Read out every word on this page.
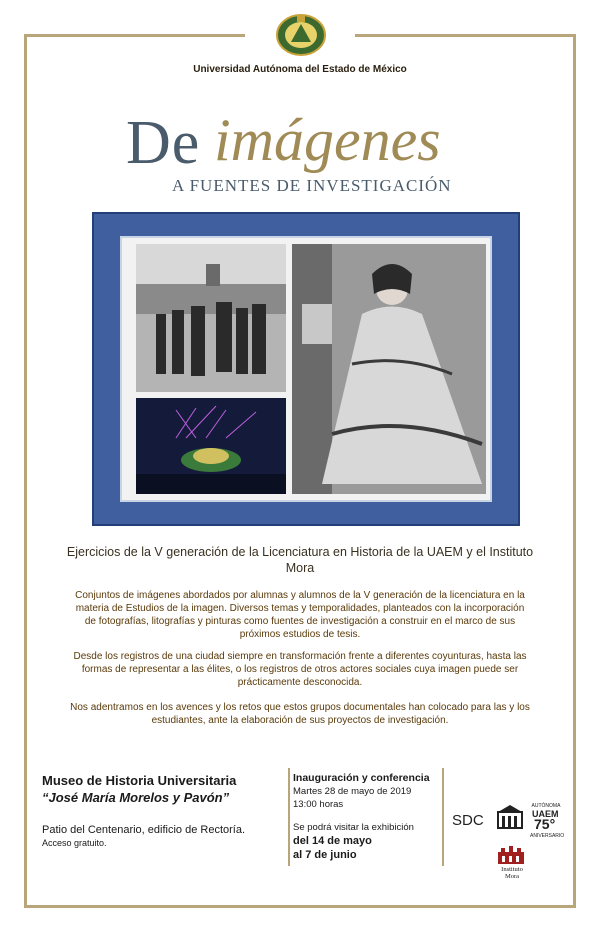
Universidad Autónoma del Estado de México
De imágenes
A FUENTES DE INVESTIGACIÓN
Ejercicios de la V generación de la Licenciatura en Historia de la UAEM y el Instituto Mora
Conjuntos de imágenes abordados por alumnas y alumnos de la V generación de la licenciatura en la materia de Estudios de la imagen. Diversos temas y temporalidades, planteados con la incorporación de fotografías, litografías y pinturas como fuentes de investigación a construir en el marco de sus próximos estudios de tesis.
Desde los registros de una ciudad siempre en transformación frente a diferentes coyunturas, hasta las formas de representar a las élites, o los registros de otros actores sociales cuya imagen puede ser prácticamente desconocida.
Nos adentramos en los avences y los retos que estos grupos documentales han colocado para las y los estudiantes, ante la elaboración de sus proyectos de investigación.
Museo de Historia Universitaria
“José María Morelos y Pavón”
Patio del Centenario, edificio de Rectoría.
Acceso gratuito.
Inauguración y conferencia
Martes 28 de mayo de 2019
13:00 horas
Se podrá visitar la exhibición
del 14 de mayo
al 7 de junio
SDC
AUTÓNOMA
UAEM
75°
ANIVERSARIO
Instituto Mora
